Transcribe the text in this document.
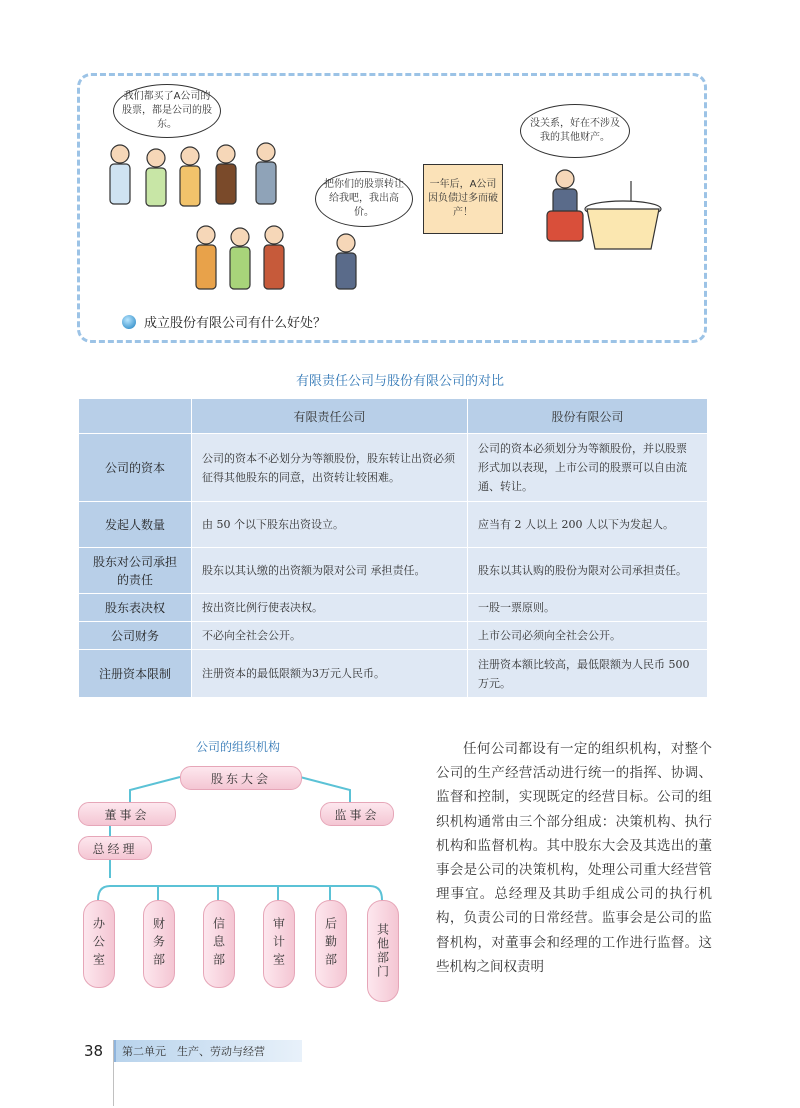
我们都买了A公司的股票，都是公司的股东。
把你们的股票转让给我吧，我出高价。
一年后，A公司因负债过多而破产！
没关系，好在不涉及我的其他财产。
成立股份有限公司有什么好处？
有限责任公司与股份有限公司的对比
	有限责任公司	股份有限公司
公司的资本	公司的资本不必划分为等额股份，股东转让出资必须征得其他股东的同意，出资转让较困难。	公司的资本必须划分为等额股份，并以股票形式加以表现，上市公司的股票可以自由流通、转让。
发起人数量	由 50 个以下股东出资设立。	应当有 2 人以上 200 人以下为发起人。
股东对公司承担的责任	股东以其认缴的出资额为限对公司 承担责任。	股东以其认购的股份为限对公司承担责任。
股东表决权	按出资比例行使表决权。	一股一票原则。
公司财务	不必向全社会公开。	上市公司必须向全社会公开。
注册资本限制	注册资本的最低限额为3万元人民币。	注册资本额比较高，最低限额为人民币 500 万元。
公司的组织机构
股东大会
董事会	监事会
总经理
办公室	财务部	信息部	审计室	后勤部	其他部门
任何公司都设有一定的组织机构，对整个公司的生产经营活动进行统一的指挥、协调、监督和控制，实现既定的经营目标。公司的组织机构通常由三个部分组成：决策机构、执行机构和监督机构。其中股东大会及其选出的董事会是公司的决策机构，处理公司重大经营管理事宜。总经理及其助手组成公司的执行机构，负责公司的日常经营。监事会是公司的监督机构，对董事会和经理的工作进行监督。这些机构之间权责明
38	第二单元　生产、劳动与经营
